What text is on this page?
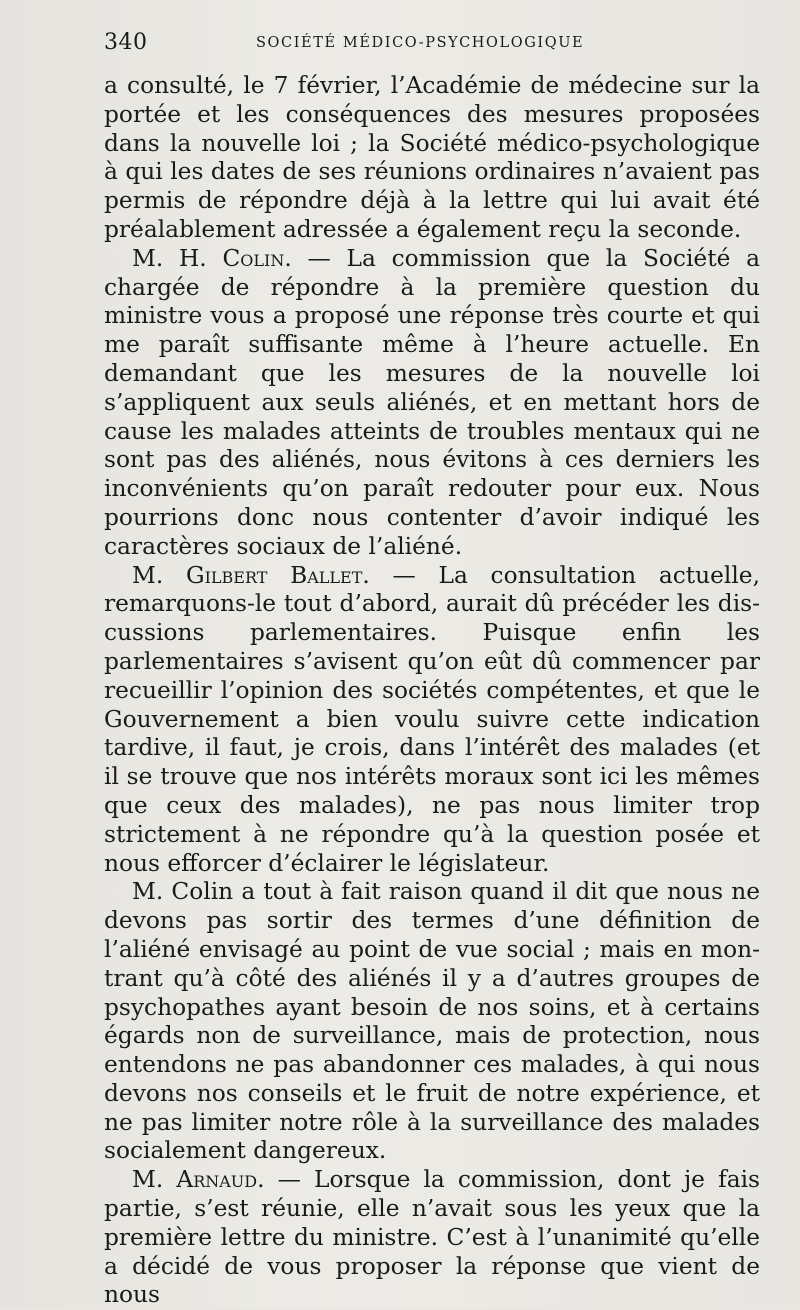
340	SOCIÉTÉ MÉDICO-PSYCHOLOGIQUE

a consulté, le 7 février, l’Académie de médecine sur la portée et les conséquences des mesures proposées dans la nouvelle loi ; la Société médico-psychologique à qui les dates de ses réunions ordinaires n’avaient pas permis de répondre déjà à la lettre qui lui avait été préalablement adressée a également reçu la seconde.

M. H. Colin. — La commission que la Société a chargée de répondre à la première question du ministre vous a proposé une réponse très courte et qui me paraît suffisante même à l’heure actuelle. En demandant que les mesures de la nouvelle loi s’appliquent aux seuls aliénés, et en mettant hors de cause les malades atteints de troubles mentaux qui ne sont pas des aliénés, nous évitons à ces derniers les inconvénients qu’on paraît redouter pour eux. Nous pourrions donc nous contenter d’avoir indiqué les caractères sociaux de l’aliéné.

M. Gilbert Ballet. — La consultation actuelle, remarquons-le tout d’abord, aurait dû précéder les discussions parlementaires. Puisque enfin les parlementaires s’avisent qu’on eût dû commencer par recueillir l’opinion des sociétés compétentes, et que le Gouvernement a bien voulu suivre cette indication tardive, il faut, je crois, dans l’intérêt des malades (et il se trouve que nos intérêts moraux sont ici les mêmes que ceux des malades), ne pas nous limiter trop strictement à ne répondre qu’à la question posée et nous efforcer d’éclairer le législateur.

M. Colin a tout à fait raison quand il dit que nous ne devons pas sortir des termes d’une définition de l’aliéné envisagé au point de vue social ; mais en montrant qu’à côté des aliénés il y a d’autres groupes de psychopathes ayant besoin de nos soins, et à certains égards non de surveillance, mais de protection, nous entendons ne pas abandonner ces malades, à qui nous devons nos conseils et le fruit de notre expérience, et ne pas limiter notre rôle à la surveillance des malades socialement dangereux.

M. Arnaud. — Lorsque la commission, dont je fais partie, s’est réunie, elle n’avait sous les yeux que la première lettre du ministre. C’est à l’unanimité qu’elle a décidé de vous proposer la réponse que vient de nous
